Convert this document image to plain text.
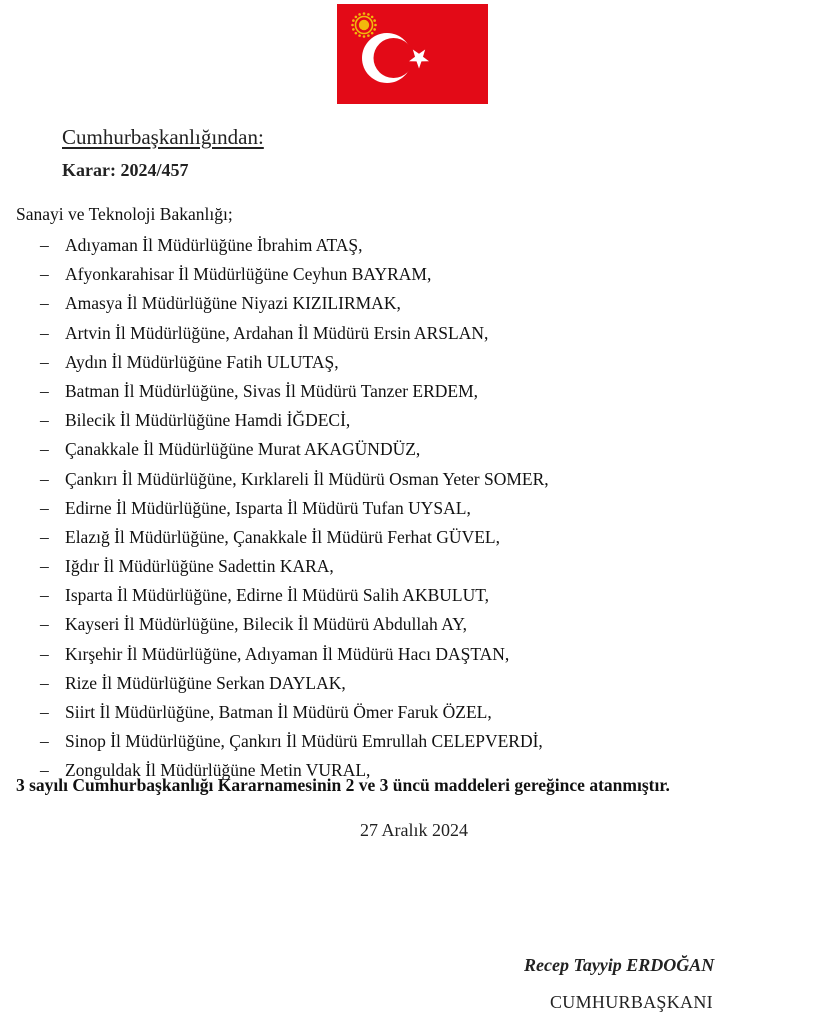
Cumhurbaşkanlığından:
Karar: 2024/457
Sanayi ve Teknoloji Bakanlığı;
– Adıyaman İl Müdürlüğüne İbrahim ATAŞ,
– Afyonkarahisar İl Müdürlüğüne Ceyhun BAYRAM,
– Amasya İl Müdürlüğüne Niyazi KIZILIRMAK,
– Artvin İl Müdürlüğüne, Ardahan İl Müdürü Ersin ARSLAN,
– Aydın İl Müdürlüğüne Fatih ULUTAŞ,
– Batman İl Müdürlüğüne, Sivas İl Müdürü Tanzer ERDEM,
– Bilecik İl Müdürlüğüne Hamdi İĞDECİ,
– Çanakkale İl Müdürlüğüne Murat AKAGÜNDÜZ,
– Çankırı İl Müdürlüğüne, Kırklareli İl Müdürü Osman Yeter SOMER,
– Edirne İl Müdürlüğüne, Isparta İl Müdürü Tufan UYSAL,
– Elazığ İl Müdürlüğüne, Çanakkale İl Müdürü Ferhat GÜVEL,
– Iğdır İl Müdürlüğüne Sadettin KARA,
– Isparta İl Müdürlüğüne, Edirne İl Müdürü Salih AKBULUT,
– Kayseri İl Müdürlüğüne, Bilecik İl Müdürü Abdullah AY,
– Kırşehir İl Müdürlüğüne, Adıyaman İl Müdürü Hacı DAŞTAN,
– Rize İl Müdürlüğüne Serkan DAYLAK,
– Siirt İl Müdürlüğüne, Batman İl Müdürü Ömer Faruk ÖZEL,
– Sinop İl Müdürlüğüne, Çankırı İl Müdürü Emrullah CELEPVERDİ,
– Zonguldak İl Müdürlüğüne Metin VURAL,
3 sayılı Cumhurbaşkanlığı Kararnamesinin 2 ve 3 üncü maddeleri gereğince atanmıştır.
27 Aralık 2024
Recep Tayyip ERDOĞAN
CUMHURBAŞKANI
